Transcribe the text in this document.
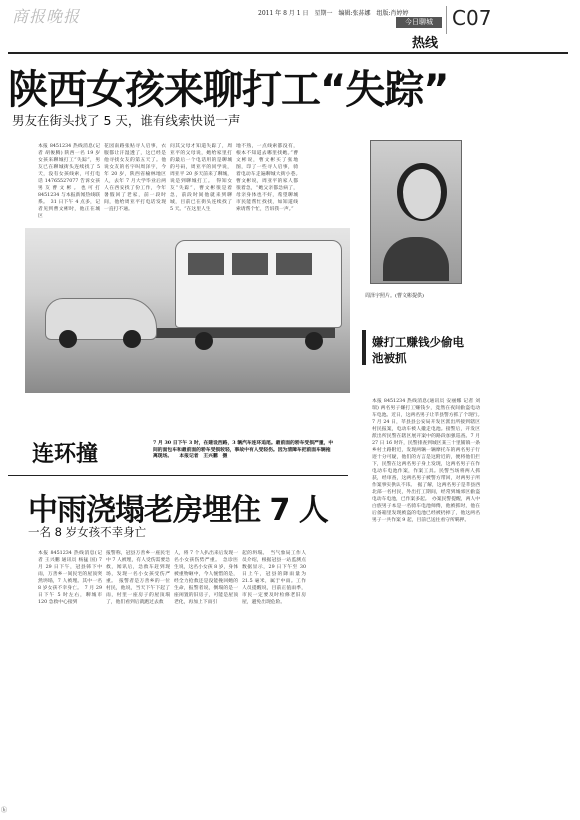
商报晚报	2011 年 8 月 1 日　星期一　编辑:张荪娜　组版:肖婷婷
今日聊城 C07
热线
陕西女孩来聊打工“失踪”
男友在街头找了 5 天，谁有线索快说一声
本报 8451234 热线消息(记者 胡俊腾) 陕西一名 19 岁女孩来聊城打工“失踪”，男友已在聊城街头连续找了 5 天，没有女孩线索，可打电话 14765527077 告诉女孩男友曹文彬。也可打 8451234 与本报新闻热线联系。　31 日下午 4 点多，记者见到曹文彬时，他正在城区
花园南路张贴寻人启事，衣服都让汗湿透了，这已经是他寻找女友的第五天了。他说女友的名字叫周泽宇，今年 20 岁，陕西省榆林地区人，去年 7 月大学毕业后两人在西安找了份工作，今年暑假回了老家，前一段时间，他给周亚平打电话发现一直打不通。
问其父母才知道失踪了，周亚平的父母说，她给家里打的最后一个电话用的是聊城的号码，周亚平的同学说，周亚平 20 多天前来了聊城，说是到聊城打工。　得知女友“失踪”，曹文彬很是着急，前段时间他就来到聊城，目前已在街头连续找了 5 天。“在这里人生
地不熟，一点线索都没有，根本不知道去哪里找她。”曹文彬说，曹文彬买了张地图，印了一些寻人启事，骑着电动车走遍聊城大街小巷。　曹文彬说，周亚平的家人都很着急，“她父亲都急病了，母亲身体也不好，希望聊城市民能帮忙找找，如知道线索请帮个忙，告诉我一声。”
周泽宇照片。(曹文彬提供)
连环撞	7 月 30 日下午 3 时，在建设西路，3 辆汽车连环追尾。最前面的轿车受损严重，中间的面包车和最前面的轿车受损较轻，事故中有人受轻伤。因为清障车把前面车辆拖离现场。　　本报记者　王兴鹏　摄
嫌打工赚钱少偷电池被抓
本报 8451234 热线消息(通讯员 安丽娜 记者 刘瑞) 两名男子嫌打工赚钱少，竟然在夜间偷盗电动车电池。近日，这两名男子让莘县警方抓了个现行。　7 月 24 日，莘县县公安局开发区派出所接到辖区村民报案，电动车被人撬走电池。接警后，开发区派出所民警在辖区展开案中的路段加强巡查。7 月 27 日 16 时许，民警排查到城区某三十里铺镇一条乡村土路附近，发现两辆一辆摩托车的两名男子行迹十分可疑，他们的方言是这附近的，便将他们拦下，民警在这两名男子身上发现，这两名男子在作电动车电池作案，作案工具。民警当场将两人抓获，经审查，这两名男子被警方带回，对两男子所作案事实供认不讳。　据了解，这两名男子是莘县西北部一名村民，外出打工期间，经常到城郊区偷盗电动车电池，已作案多起。　办案民警提醒，两人中白族男子本是一名骑车电池师傅，他被抓时，他在后备箱里发现被盗的电池已经被扔掉了，他这两名男子一共作案 9 起，目前已送往看守所羁押。
中雨浇塌老房埋住 7 人
一名 8 岁女孩不幸身亡
本报 8451234 热线消息(记者 王兴鹏 通讯员 杨猛 国) 7 月 29 日下午，冠县韩下中雨，万善乡一间民宅的屋顶突然坍塌，7 人被埋。其中一名 8 岁女孩不幸身亡。　7 月 29 日下午 5 时左右，聊城市 120 急救中心接到
报警称，冠县万善乡一座民宅中 7 人被埋，有人受伤需要急救，闻讯后，急救车赶到现场，发现一名小女孩受伤严重。　报警者是万善乡的一位村民，他说，当天下午下起了雨，村里一座房子的屋顶塌了，他们看到后就跑过去救
人，将 7 个人扒出来后发现一名小女孩伤势严重。　急诊医生说，这名小女孩 8 岁，身体被重物砸中，今人惋惜的是，经全力抢救还是没能挽回她的生命，报警者说，倒塌的是一座闲置的旧房子，可能是屋顶老化，再加上下雨引
起的坍塌。　当气象局工作人员介绍，根据冠县一站监测点数据显示，29 日下午至 30 日上午，冠县的降雨量为 21.5 毫米，属于中雨。工作人员提醒说，目前正值雨季，市民一定要及时检修老旧房屋，避免出现危险。
ⓑ
